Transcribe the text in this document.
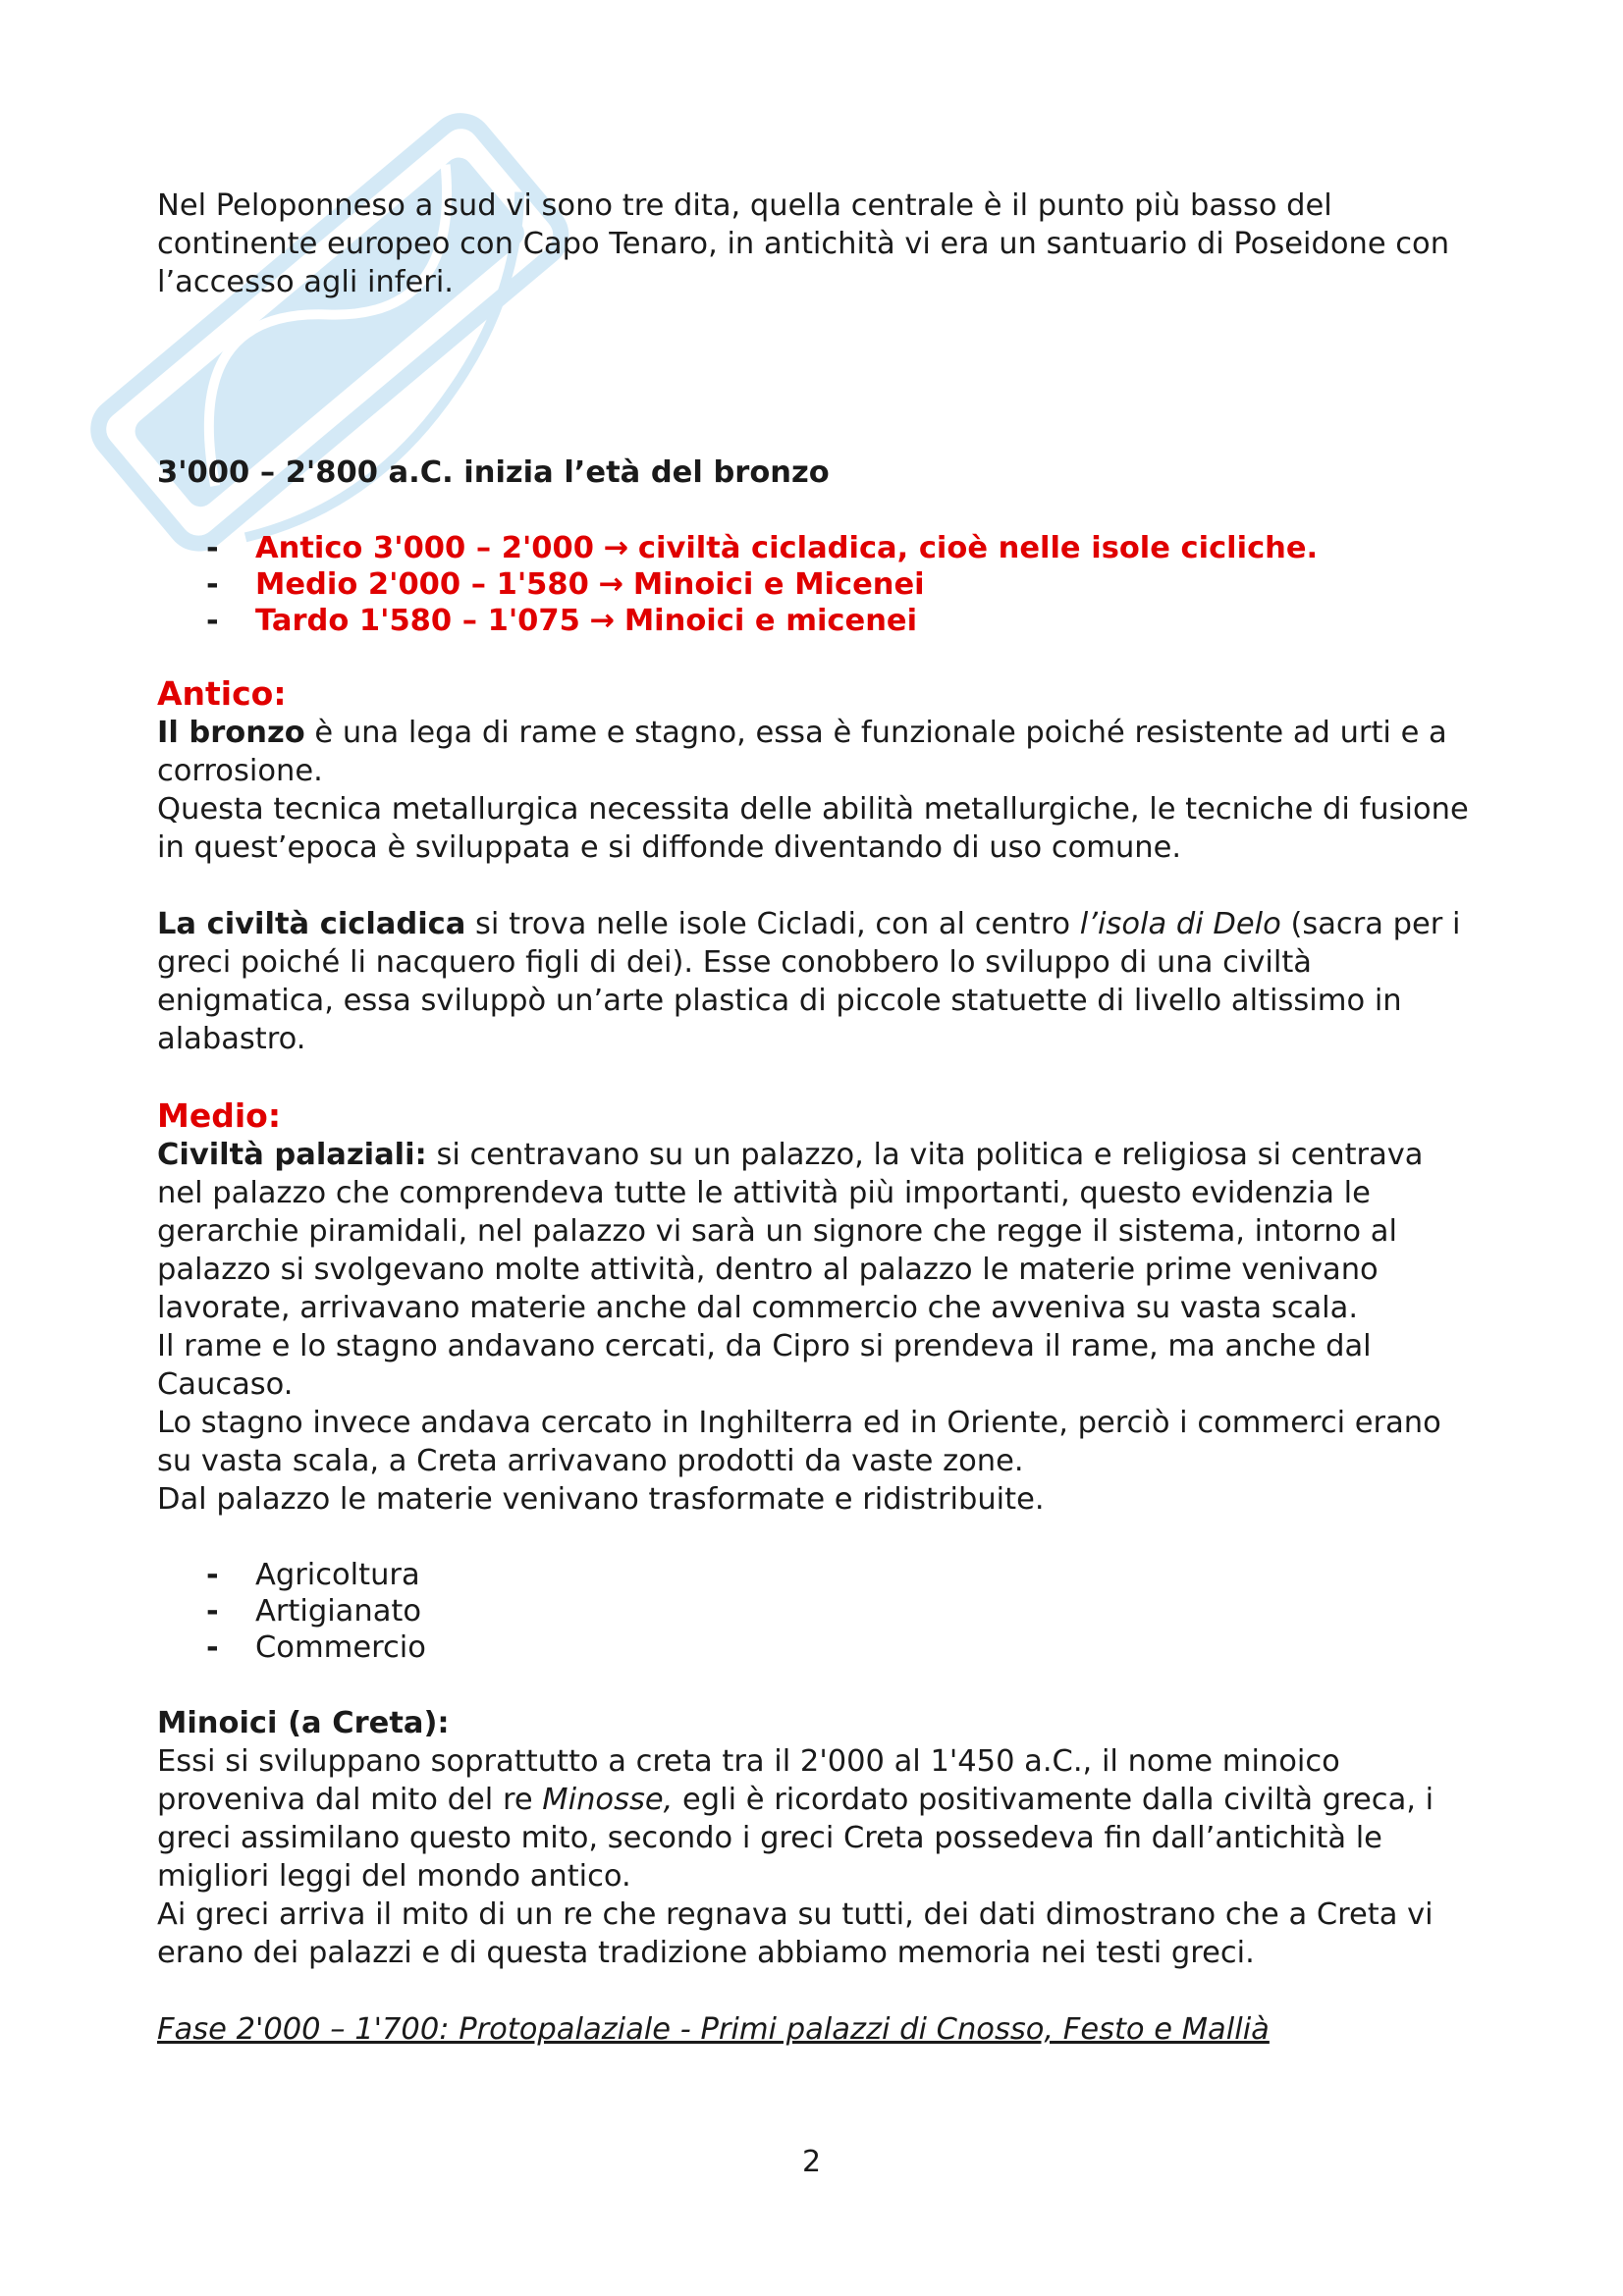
Nel Peloponneso a sud vi sono tre dita, quella centrale è il punto più basso del continente europeo con Capo Tenaro, in antichità vi era un santuario di Poseidone con l’accesso agli inferi.

3'000 – 2'800 a.C. inizia l’età del bronzo

- Antico 3'000 – 2'000 → civiltà cicladica, cioè nelle isole cicliche.
- Medio 2'000 – 1'580 → Minoici e Micenei
- Tardo 1'580 – 1'075 → Minoici e micenei

Antico:

Il bronzo è una lega di rame e stagno, essa è funzionale poiché resistente ad urti e a corrosione.

Questa tecnica metallurgica necessita delle abilità metallurgiche, le tecniche di fusione in quest’epoca è sviluppata e si diffonde diventando di uso comune.

La civiltà cicladica si trova nelle isole Cicladi, con al centro l’isola di Delo (sacra per i greci poiché li nacquero figli di dei). Esse conobbero lo sviluppo di una civiltà enigmatica, essa sviluppò un’arte plastica di piccole statuette di livello altissimo in alabastro.

Medio:

Civiltà palaziali: si centravano su un palazzo, la vita politica e religiosa si centrava nel palazzo che comprendeva tutte le attività più importanti, questo evidenzia le gerarchie piramidali, nel palazzo vi sarà un signore che regge il sistema, intorno al palazzo si svolgevano molte attività, dentro al palazzo le materie prime venivano lavorate, arrivavano materie anche dal commercio che avveniva su vasta scala.

Il rame e lo stagno andavano cercati, da Cipro si prendeva il rame, ma anche dal Caucaso.

Lo stagno invece andava cercato in Inghilterra ed in Oriente, perciò i commerci erano su vasta scala, a Creta arrivavano prodotti da vaste zone.

Dal palazzo le materie venivano trasformate e ridistribuite.

- Agricoltura
- Artigianato
- Commercio

Minoici (a Creta):

Essi si sviluppano soprattutto a creta tra il 2'000 al 1'450 a.C., il nome minoico proveniva dal mito del re Minosse, egli è ricordato positivamente dalla civiltà greca, i greci assimilano questo mito, secondo i greci Creta possedeva fin dall’antichità le migliori leggi del mondo antico.

Ai greci arriva il mito di un re che regnava su tutti, dei dati dimostrano che a Creta vi erano dei palazzi e di questa tradizione abbiamo memoria nei testi greci.

Fase 2'000 – 1'700: Protopalaziale - Primi palazzi di Cnosso, Festo e Mallià

2
